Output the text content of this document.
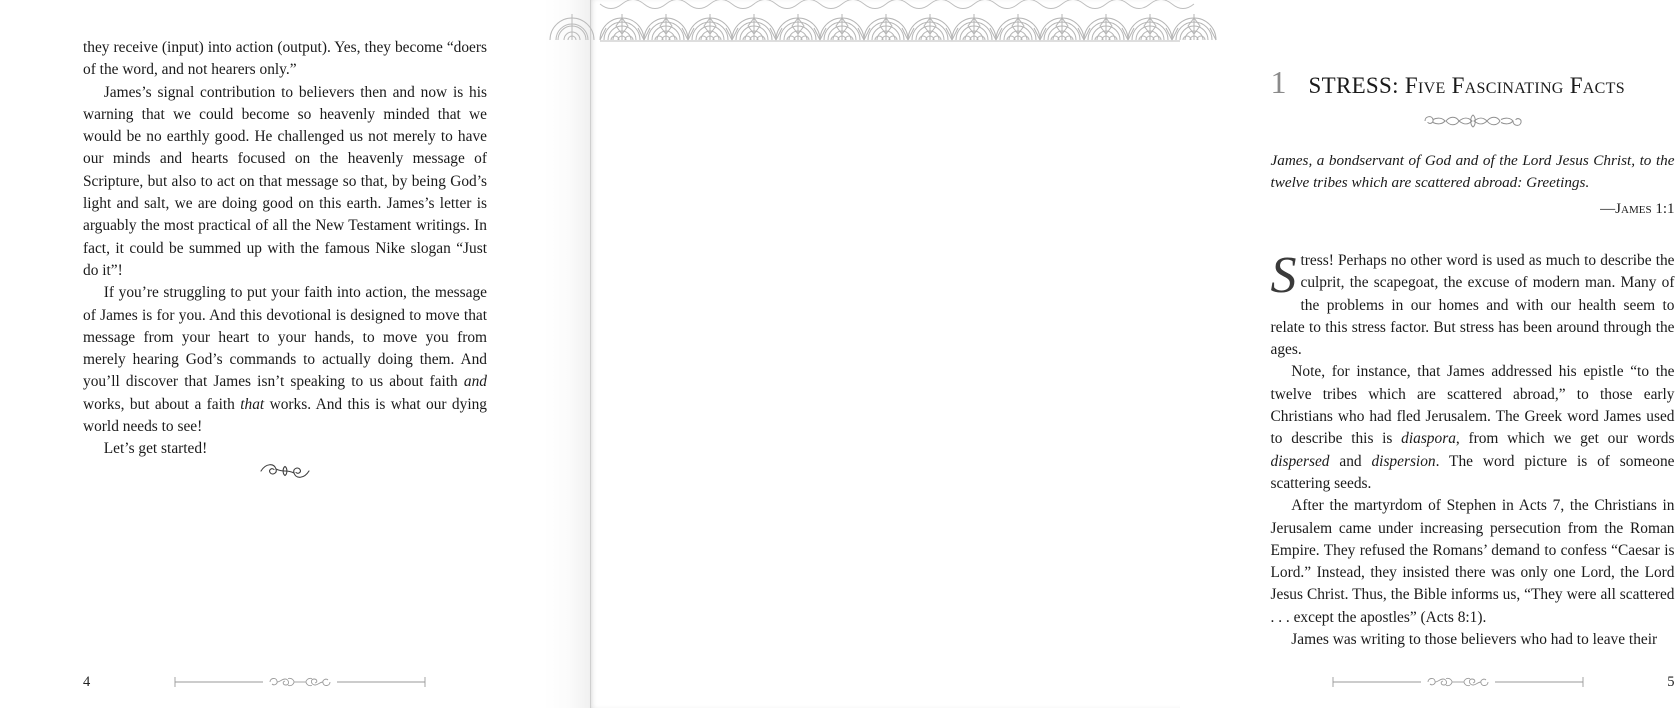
they receive (input) into action (output). Yes, they become “doers of the word, and not hearers only.”

James’s signal contribution to believers then and now is his warning that we could become so heavenly minded that we would be no earthly good. He challenged us not merely to have our minds and hearts focused on the heavenly message of Scripture, but also to act on that message so that, by being God’s light and salt, we are doing good on this earth. James’s letter is arguably the most practical of all the New Testament writings. In fact, it could be summed up with the famous Nike slogan “Just do it”!

If you’re struggling to put your faith into action, the message of James is for you. And this devotional is designed to move that message from your heart to your hands, to move you from merely hearing God’s commands to actually doing them. And you’ll discover that James isn’t speaking to us about faith and works, but about a faith that works. And this is what our dying world needs to see!

Let’s get started!

4
1 STRESS: Five Fascinating Facts
James, a bondservant of God and of the Lord Jesus Christ, to the twelve tribes which are scattered abroad: Greetings.
—James 1:1

Stress! Perhaps no other word is used as much to describe the culprit, the scapegoat, the excuse of modern man. Many of the problems in our homes and with our health seem to relate to this stress factor. But stress has been around through the ages.

Note, for instance, that James addressed his epistle “to the twelve tribes which are scattered abroad,” to those early Christians who had fled Jerusalem. The Greek word James used to describe this is diaspora, from which we get our words dispersed and dispersion. The word picture is of someone scattering seeds.

After the martyrdom of Stephen in Acts 7, the Christians in Jerusalem came under increasing persecution from the Roman Empire. They refused the Romans’ demand to confess “Caesar is Lord.” Instead, they insisted there was only one Lord, the Lord Jesus Christ. Thus, the Bible informs us, “They were all scattered . . . except the apostles” (Acts 8:1).

James was writing to those believers who had to leave their

5
